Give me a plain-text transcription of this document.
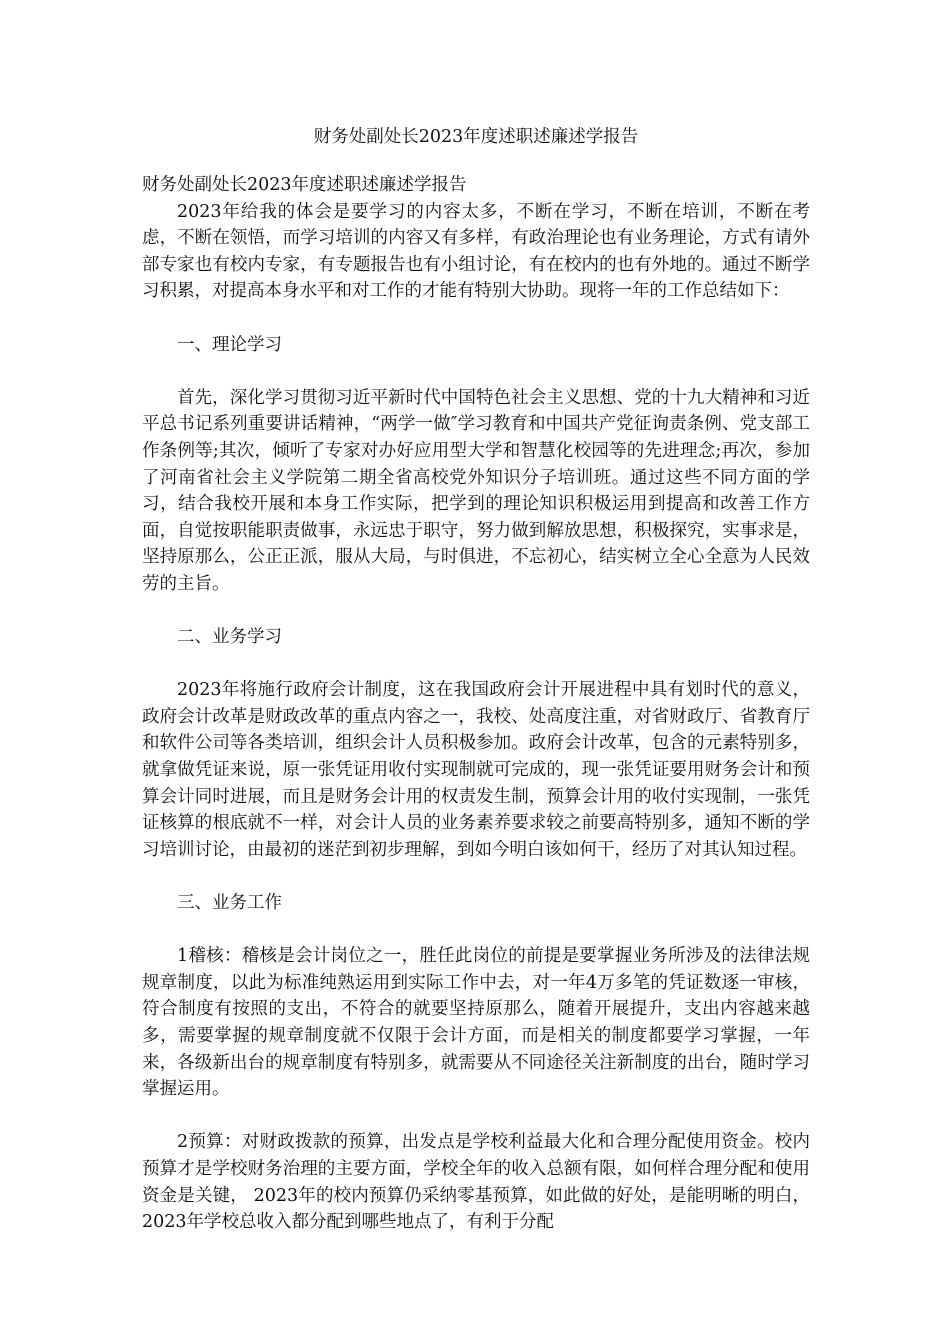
财务处副处长2023年度述职述廉述学报告

财务处副处长2023年度述职述廉述学报告

2023年给我的体会是要学习的内容太多，不断在学习，不断在培训，不断在考虑，不断在领悟，而学习培训的内容又有多样，有政治理论也有业务理论，方式有请外部专家也有校内专家，有专题报告也有小组讨论，有在校内的也有外地的。通过不断学习积累，对提高本身水平和对工作的才能有特别大协助。现将一年的工作总结如下：

一、理论学习

首先，深化学习贯彻习近平新时代中国特色社会主义思想、党的十九大精神和习近平总书记系列重要讲话精神，“两学一做″学习教育和中国共产党征询责条例、党支部工作条例等;其次，倾听了专家对办好应用型大学和智慧化校园等的先进理念;再次，参加了河南省社会主义学院第二期全省高校党外知识分子培训班。通过这些不同方面的学习，结合我校开展和本身工作实际，把学到的理论知识积极运用到提高和改善工作方面，自觉按职能职责做事，永远忠于职守，努力做到解放思想，积极探究，实事求是，坚持原那么，公正正派，服从大局，与时俱进，不忘初心，结实树立全心全意为人民效劳的主旨。

二、业务学习

2023年将施行政府会计制度，这在我国政府会计开展进程中具有划时代的意义，政府会计改革是财政改革的重点内容之一，我校、处高度注重，对省财政厅、省教育厅和软件公司等各类培训，组织会计人员积极参加。政府会计改革，包含的元素特别多，就拿做凭证来说，原一张凭证用收付实现制就可完成的，现一张凭证要用财务会计和预算会计同时进展，而且是财务会计用的权责发生制，预算会计用的收付实现制，一张凭证核算的根底就不一样，对会计人员的业务素养要求较之前要高特别多，通知不断的学习培训讨论，由最初的迷茫到初步理解，到如今明白该如何干，经历了对其认知过程。

三、业务工作

1稽核：稽核是会计岗位之一，胜任此岗位的前提是要掌握业务所涉及的法律法规规章制度，以此为标准纯熟运用到实际工作中去，对一年4万多笔的凭证数逐一审核，符合制度有按照的支出，不符合的就要坚持原那么，随着开展提升，支出内容越来越多，需要掌握的规章制度就不仅限于会计方面，而是相关的制度都要学习掌握，一年来，各级新出台的规章制度有特别多，就需要从不同途径关注新制度的出台，随时学习掌握运用。

2预算：对财政拨款的预算，出发点是学校利益最大化和合理分配使用资金。校内预算才是学校财务治理的主要方面，学校全年的收入总额有限，如何样合理分配和使用资金是关键， 2023年的校内预算仍采纳零基预算，如此做的好处，是能明晰的明白，2023年学校总收入都分配到哪些地点了，有利于分配
